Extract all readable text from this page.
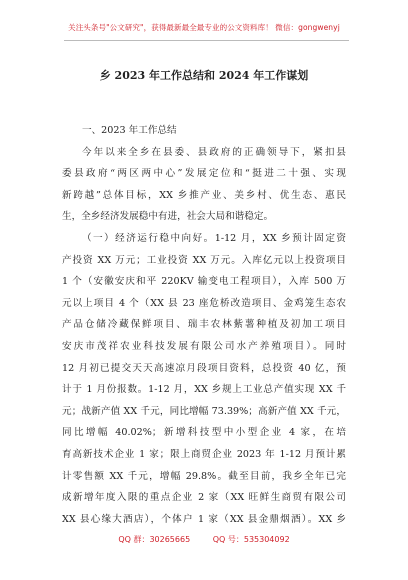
关注头条号"公文研究"，获得最新最全最专业的公文资料库！ 微信：gongwenyj
乡 2023 年工作总结和 2024 年工作谋划
一、2023 年工作总结
今年以来全乡在县委、县政府的正确领导下，紧扣县
委县政府“两区两中心”发展定位和“挺进二十强、实现
新跨越”总体目标，XX 乡推产业、美乡村、优生态、惠民
生，全乡经济发展稳中有进，社会大局和谐稳定。
（一）经济运行稳中向好。1-12 月，XX 乡预计固定资
产投资 XX 万元；工业投资 XX 万元。入库亿元以上投资项目
1 个（安徽安庆和平 220KV 输变电工程项目），入库 500 万
元以上项目 4 个（XX 县 23 座危桥改造项目、金鸡笼生态农
产品仓储冷藏保鲜项目、瑞丰农林紫薯种植及初加工项目
安庆市茂祥农业科技发展有限公司水产养殖项目）。同时
12 月初已提交天天高速凉月段项目资料，总投资 40 亿，预
计于 1 月份报数。1-12 月，XX 乡规上工业总产值实现 XX 千
元；战新产值 XX 千元，同比增幅 73.39%；高新产值 XX 千元，
同比增幅 40.02%；新增科技型中小型企业 4 家，在培
育高新技术企业 1 家；限上商贸企业 2023 年 1-12 月预计累
计零售额 XX 千元，增幅 29.8%。截至目前，我乡全年已完
成新增年度入限的重点企业 2 家（XX 旺鲜生商贸有限公司
XX 县心缘大酒店），个体户 1 家（XX 县金鼎烟酒）。XX 乡
QQ 群：30265665	QQ 号：535304092
